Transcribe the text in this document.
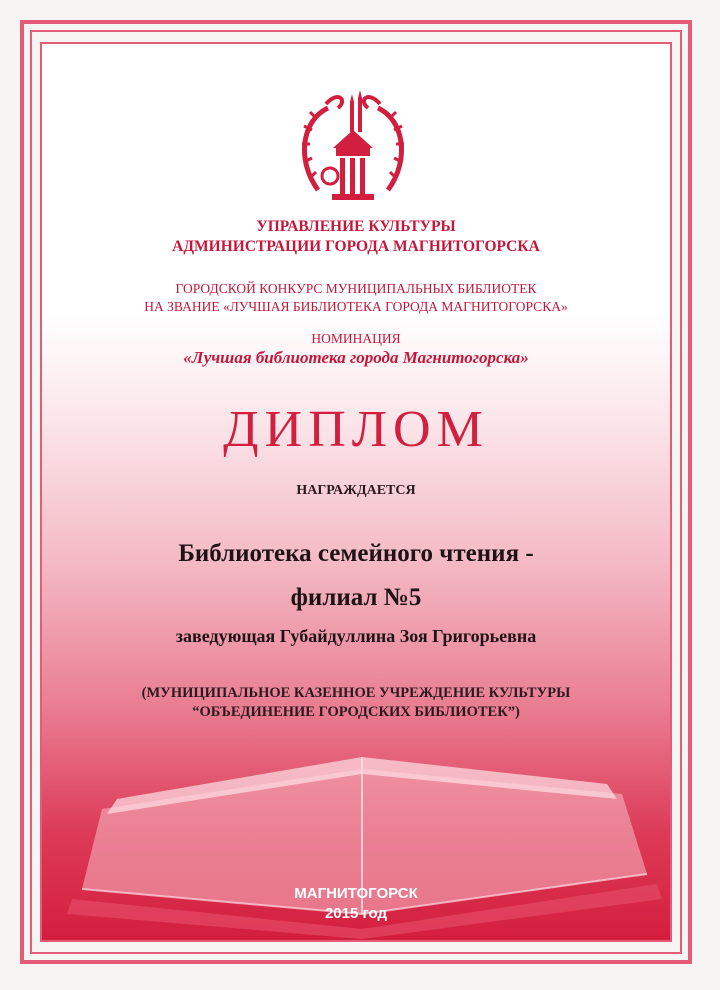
УПРАВЛЕНИЕ КУЛЬТУРЫ

АДМИНИСТРАЦИИ ГОРОДА МАГНИТОГОРСКА

ГОРОДСКОЙ КОНКУРС МУНИЦИПАЛЬНЫХ БИБЛИОТЕК

НА ЗВАНИЕ «ЛУЧШАЯ БИБЛИОТЕКА ГОРОДА МАГНИТОГОРСКА»

НОМИНАЦИЯ

«Лучшая библиотека города Магнитогорска»

ДИПЛОМ

НАГРАЖДАЕТСЯ

Библиотека семейного чтения -

филиал №5

заведующая Губайдуллина Зоя Григорьевна

(МУНИЦИПАЛЬНОЕ КАЗЕННОЕ УЧРЕЖДЕНИЕ КУЛЬТУРЫ

“ОБЪЕДИНЕНИЕ ГОРОДСКИХ БИБЛИОТЕК”)

МАГНИТОГОРСК

2015 год
